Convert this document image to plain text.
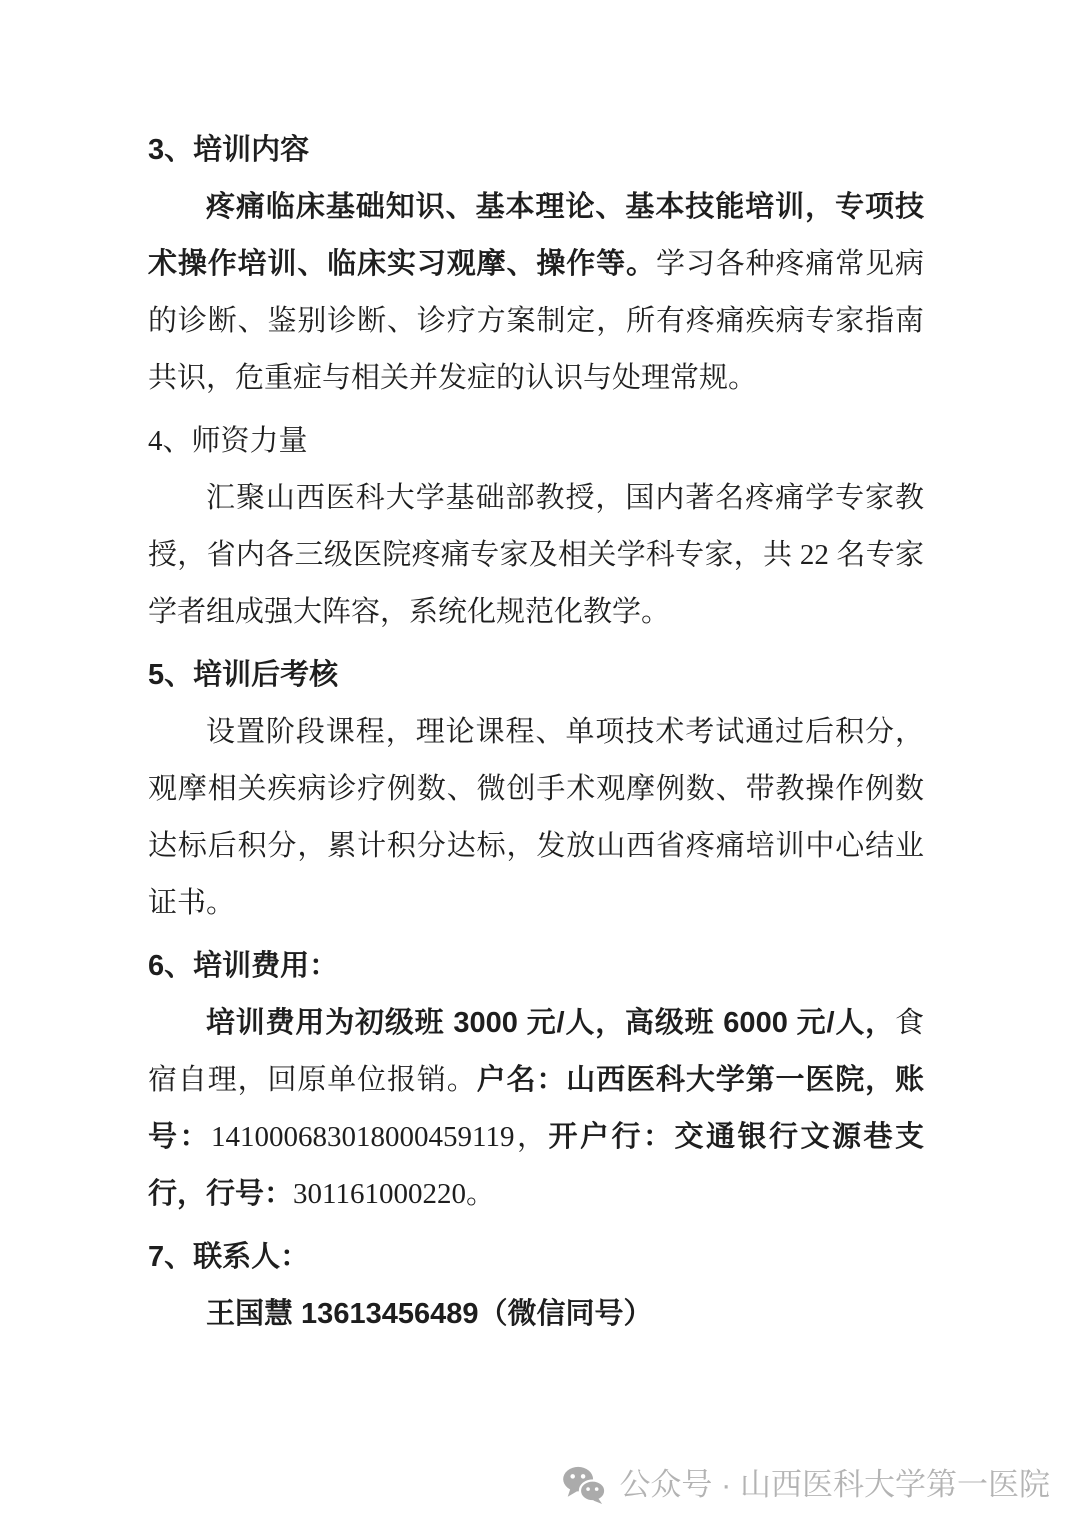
3、培训内容

疼痛临床基础知识、基本理论、基本技能培训，专项技术操作培训、临床实习观摩、操作等。学习各种疼痛常见病的诊断、鉴别诊断、诊疗方案制定，所有疼痛疾病专家指南共识，危重症与相关并发症的认识与处理常规。

4、师资力量

汇聚山西医科大学基础部教授，国内著名疼痛学专家教授，省内各三级医院疼痛专家及相关学科专家，共 22 名专家学者组成强大阵容，系统化规范化教学。

5、培训后考核

设置阶段课程，理论课程、单项技术考试通过后积分，观摩相关疾病诊疗例数、微创手术观摩例数、带教操作例数达标后积分，累计积分达标，发放山西省疼痛培训中心结业证书。

6、培训费用：

培训费用为初级班 3000 元/人，高级班 6000 元/人，食宿自理，回原单位报销。户名：山西医科大学第一医院，账号：141000683018000459119，开户行：交通银行文源巷支行，行号：301161000220。

7、联系人：

王国慧 13613456489（微信同号）

公众号 · 山西医科大学第一医院
